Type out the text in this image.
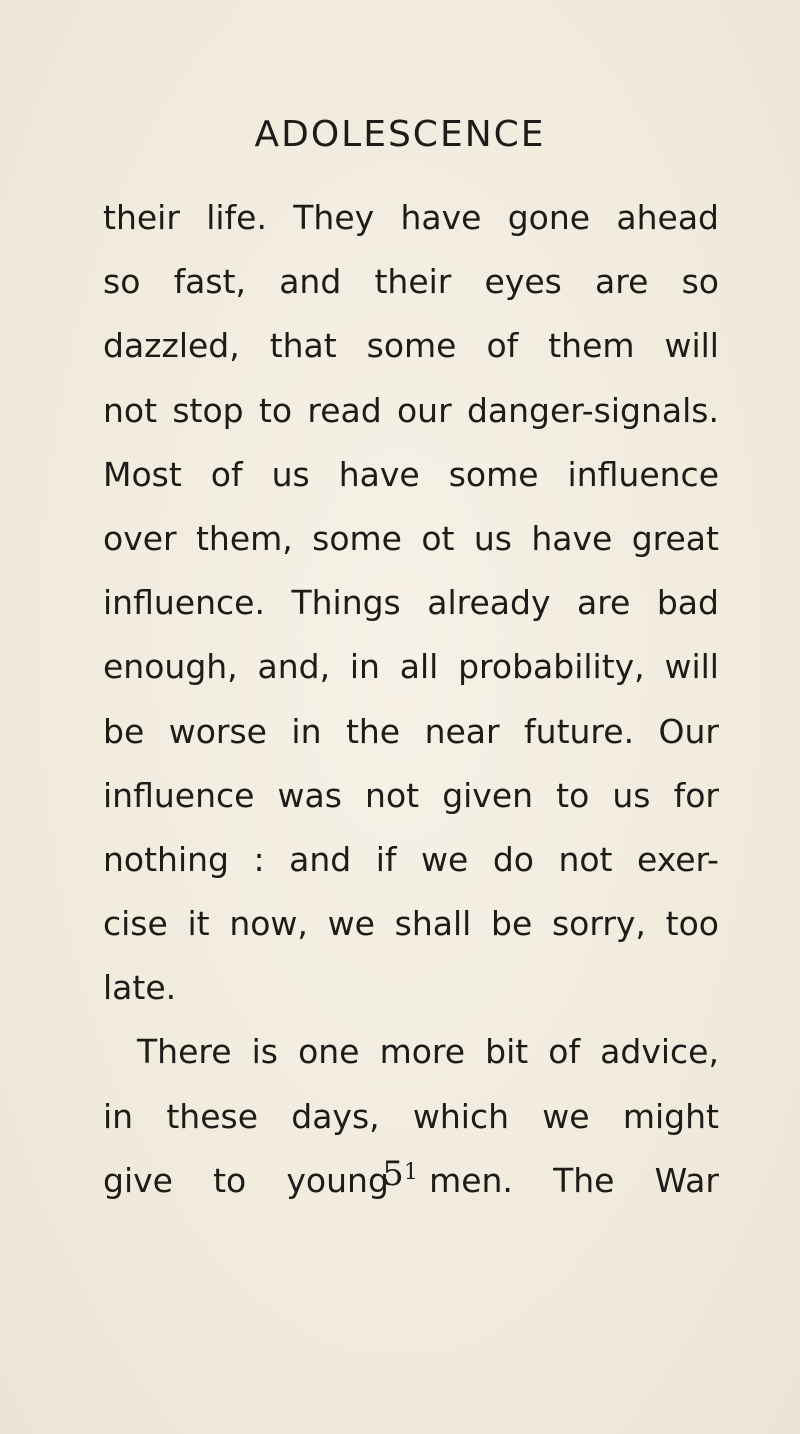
ADOLESCENCE
their life. They have gone ahead
so fast, and their eyes are so
dazzled, that some of them will
not stop to read our danger-signals.
Most of us have some influence
over them, some ot us have great
influence. Things already are bad
enough, and, in all probability, will
be worse in the near future. Our
influence was not given to us for
nothing : and if we do not exer-
cise it now, we shall be sorry, too
late.
There is one more bit of advice,
in these days, which we might
give to young men. The War
$5_1$
